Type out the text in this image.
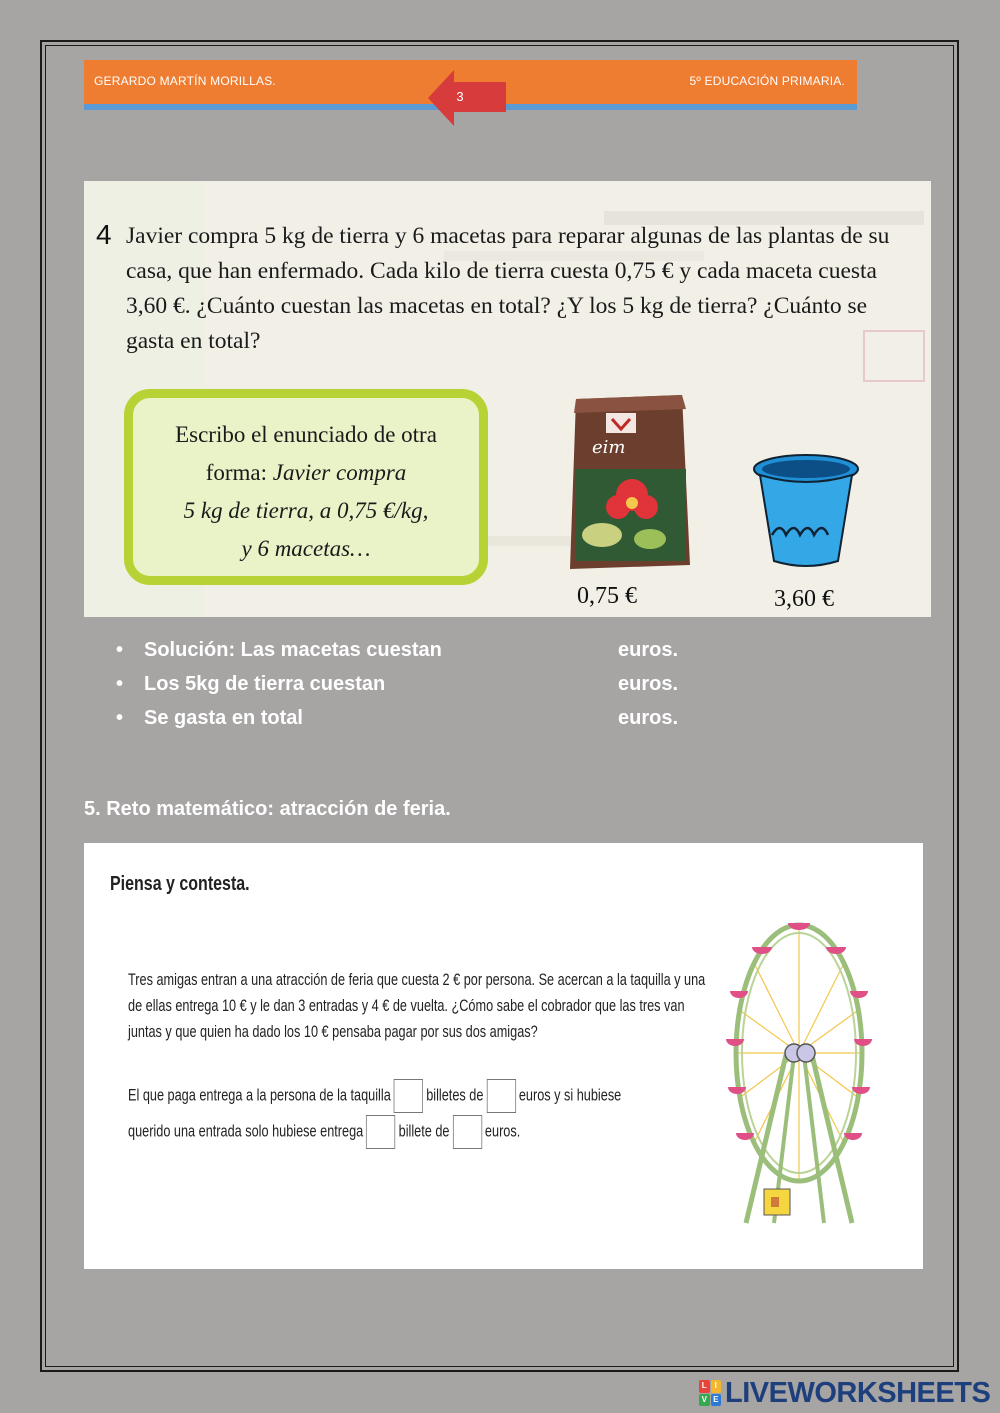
GERARDO MARTÍN MORILLAS.	5º EDUCACIÓN PRIMARIA.
3
4 Javier compra 5 kg de tierra y 6 macetas para reparar algunas de las plantas de su casa, que han enfermado. Cada kilo de tierra cuesta 0,75 € y cada maceta cuesta 3,60 €. ¿Cuánto cuestan las macetas en total? ¿Y los 5 kg de tierra? ¿Cuánto se gasta en total?
Escribo el enunciado de otra
forma: Javier compra
5 kg de tierra, a 0,75 €/kg,
y 6 macetas…
eim
0,75 €	3,60 €
• Solución: Las macetas cuestan	euros.
• Los 5kg de tierra cuestan	euros.
• Se gasta en total	euros.
5. Reto matemático: atracción de feria.
Piensa y contesta.
Tres amigas entran a una atracción de feria que cuesta 2 € por persona. Se acercan a la taquilla y una de ellas entrega 10 € y le dan 3 entradas y 4 € de vuelta. ¿Cómo sabe el cobrador que las tres van juntas y que quien ha dado los 10 € pensaba pagar por sus dos amigas?
El que paga entrega a la persona de la taquilla billetes de euros y si hubiese
querido una entrada solo hubiese entrega billete de euros.
L I
V E LIVEWORKSHEETS
